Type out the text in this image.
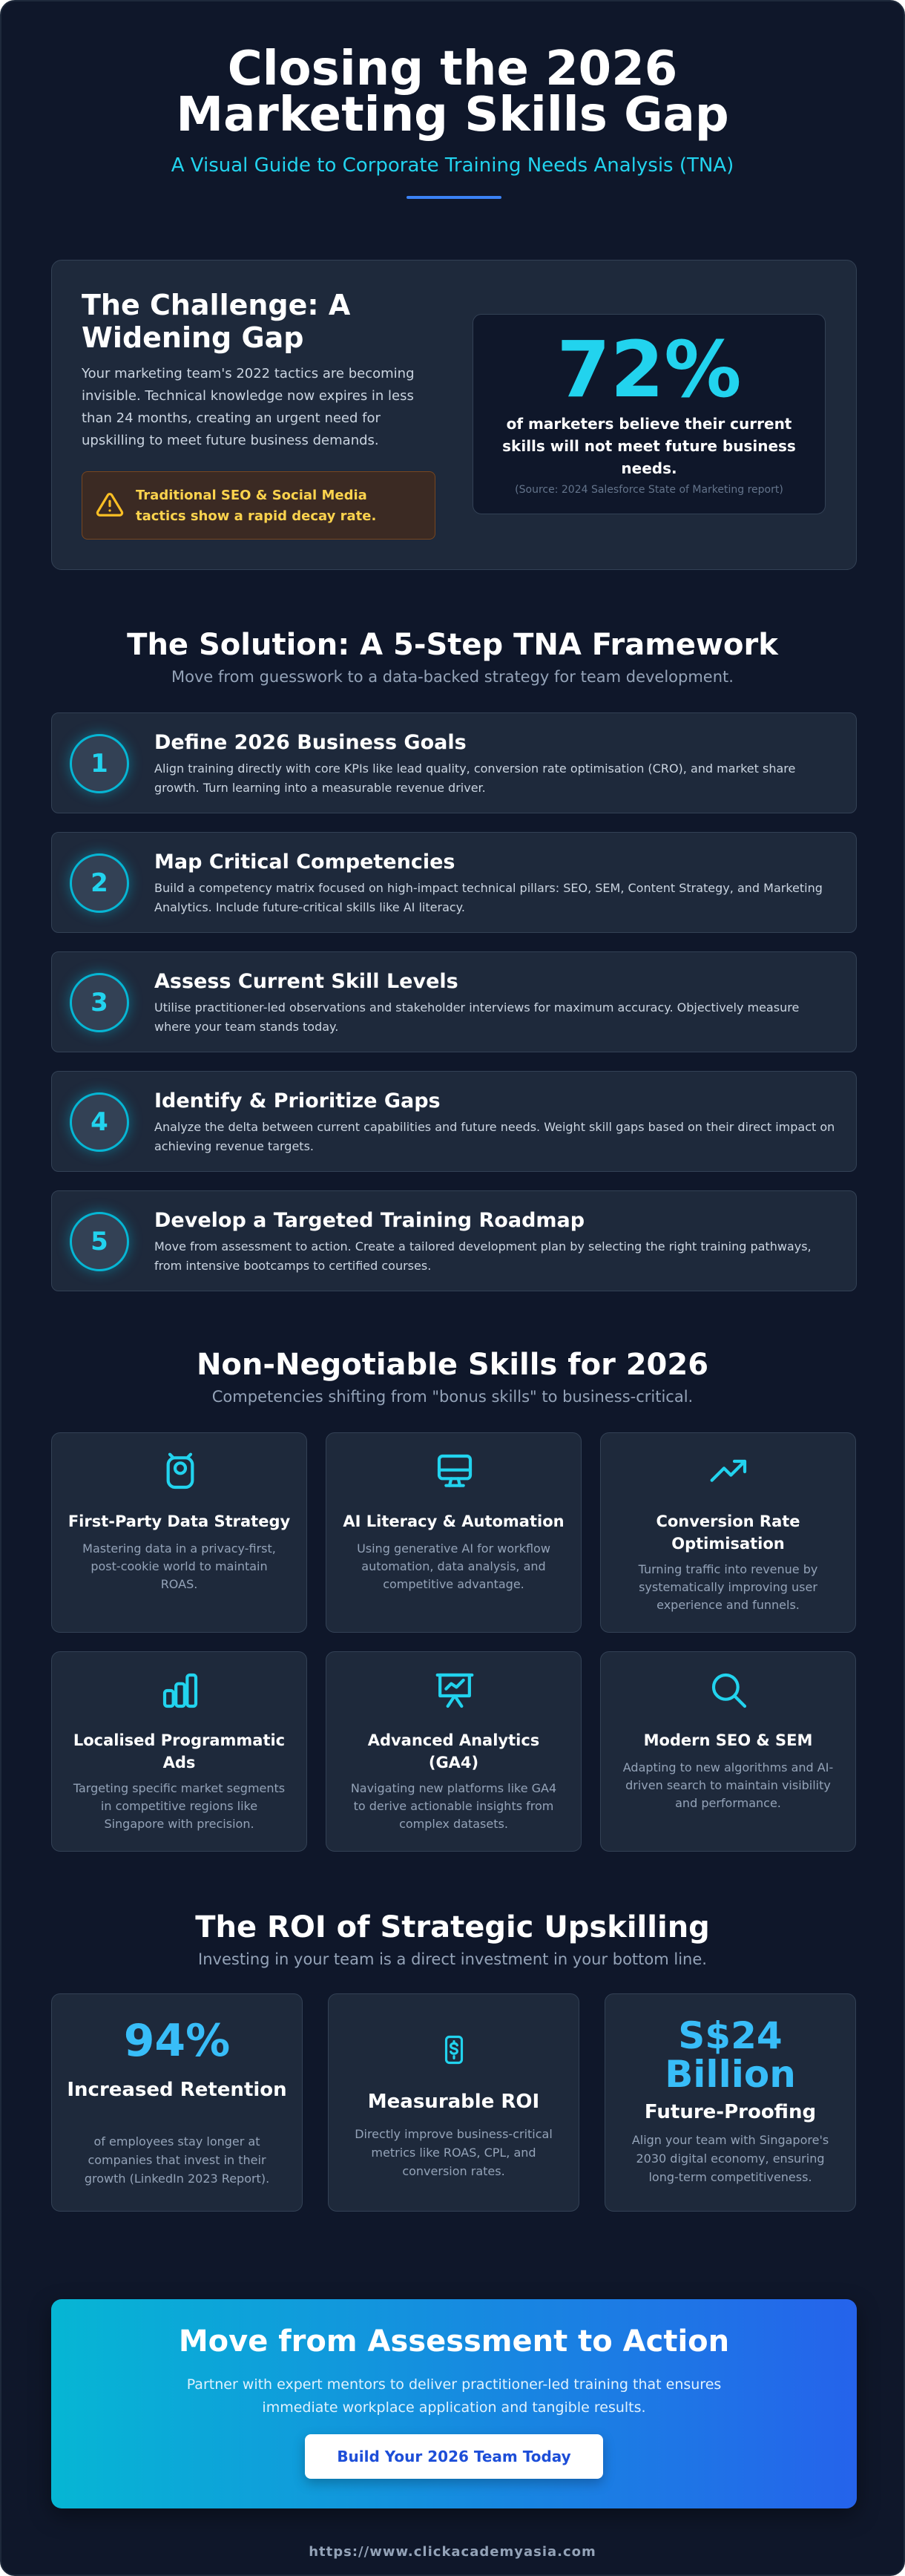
Closing the 2026 Marketing Skills Gap
A Visual Guide to Corporate Training Needs Analysis (TNA)
The Challenge: A Widening Gap

Your marketing team's 2022 tactics are becoming invisible. Technical knowledge now expires in less than 24 months, creating an urgent need for upskilling to meet future business demands.

Traditional SEO & Social Media tactics show a rapid decay rate.
72%
of marketers believe their current skills will not meet future business needs.
(Source: 2024 Salesforce State of Marketing report)
The Solution: A 5-Step TNA Framework
Move from guesswork to a data-backed strategy for team development.
1
Define 2026 Business Goals
Align training directly with core KPIs like lead quality, conversion rate optimisation (CRO), and market share growth. Turn learning into a measurable revenue driver.
2
Map Critical Competencies
Build a competency matrix focused on high-impact technical pillars: SEO, SEM, Content Strategy, and Marketing Analytics. Include future-critical skills like AI literacy.
3
Assess Current Skill Levels
Utilise practitioner-led observations and stakeholder interviews for maximum accuracy. Objectively measure where your team stands today.
4
Identify & Prioritize Gaps
Analyze the delta between current capabilities and future needs. Weight skill gaps based on their direct impact on achieving revenue targets.
5
Develop a Targeted Training Roadmap
Move from assessment to action. Create a tailored development plan by selecting the right training pathways, from intensive bootcamps to certified courses.
Non-Negotiable Skills for 2026
Competencies shifting from "bonus skills" to business-critical.
First-Party Data Strategy
Mastering data in a privacy-first, post-cookie world to maintain ROAS.
AI Literacy & Automation
Using generative AI for workflow automation, data analysis, and competitive advantage.
Conversion Rate Optimisation
Turning traffic into revenue by systematically improving user experience and funnels.
Localised Programmatic Ads
Targeting specific market segments in competitive regions like Singapore with precision.
Advanced Analytics (GA4)
Navigating new platforms like GA4 to derive actionable insights from complex datasets.
Modern SEO & SEM
Adapting to new algorithms and AI-driven search to maintain visibility and performance.
The ROI of Strategic Upskilling
Investing in your team is a direct investment in your bottom line.
94%
Increased Retention
of employees stay longer at companies that invest in their growth (LinkedIn 2023 Report).
Measurable ROI
Directly improve business-critical metrics like ROAS, CPL, and conversion rates.
S$24 Billion
Future-Proofing
Align your team with Singapore's 2030 digital economy, ensuring long-term competitiveness.
Move from Assessment to Action
Partner with expert mentors to deliver practitioner-led training that ensures immediate workplace application and tangible results.
Build Your 2026 Team Today
https://www.clickacademyasia.com
